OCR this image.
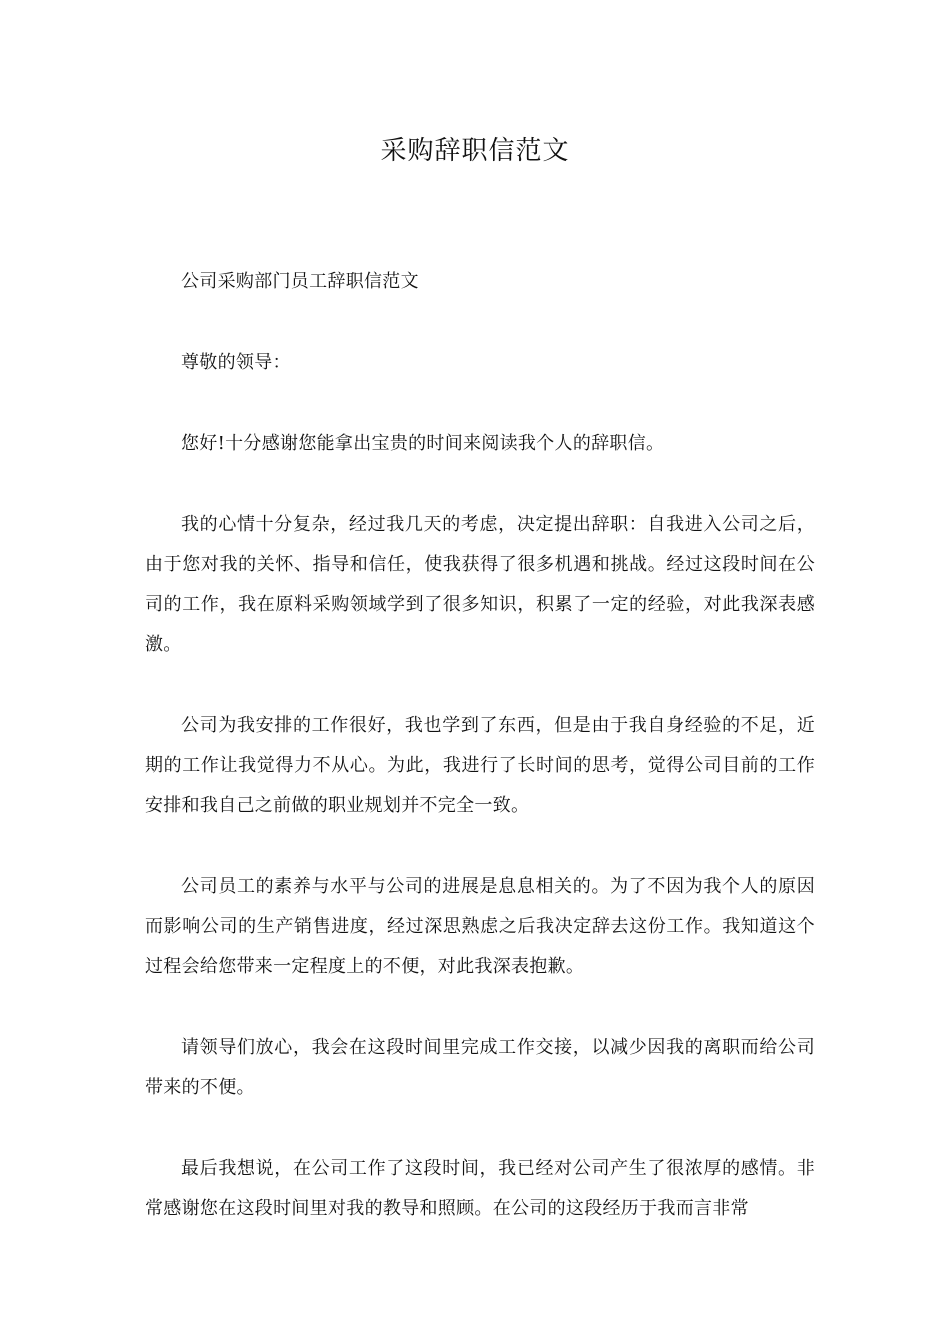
采购辞职信范文

公司采购部门员工辞职信范文

尊敬的领导：

您好!十分感谢您能拿出宝贵的时间来阅读我个人的辞职信。

我的心情十分复杂，经过我几天的考虑，决定提出辞职：自我进入公司之后，由于您对我的关怀、指导和信任，使我获得了很多机遇和挑战。经过这段时间在公司的工作，我在原料采购领域学到了很多知识，积累了一定的经验，对此我深表感激。

公司为我安排的工作很好，我也学到了东西，但是由于我自身经验的不足，近期的工作让我觉得力不从心。为此，我进行了长时间的思考，觉得公司目前的工作安排和我自己之前做的职业规划并不完全一致。

公司员工的素养与水平与公司的进展是息息相关的。为了不因为我个人的原因而影响公司的生产销售进度，经过深思熟虑之后我决定辞去这份工作。我知道这个过程会给您带来一定程度上的不便，对此我深表抱歉。

请领导们放心，我会在这段时间里完成工作交接，以减少因我的离职而给公司带来的不便。

最后我想说，在公司工作了这段时间，我已经对公司产生了很浓厚的感情。非常感谢您在这段时间里对我的教导和照顾。在公司的这段经历于我而言非常
